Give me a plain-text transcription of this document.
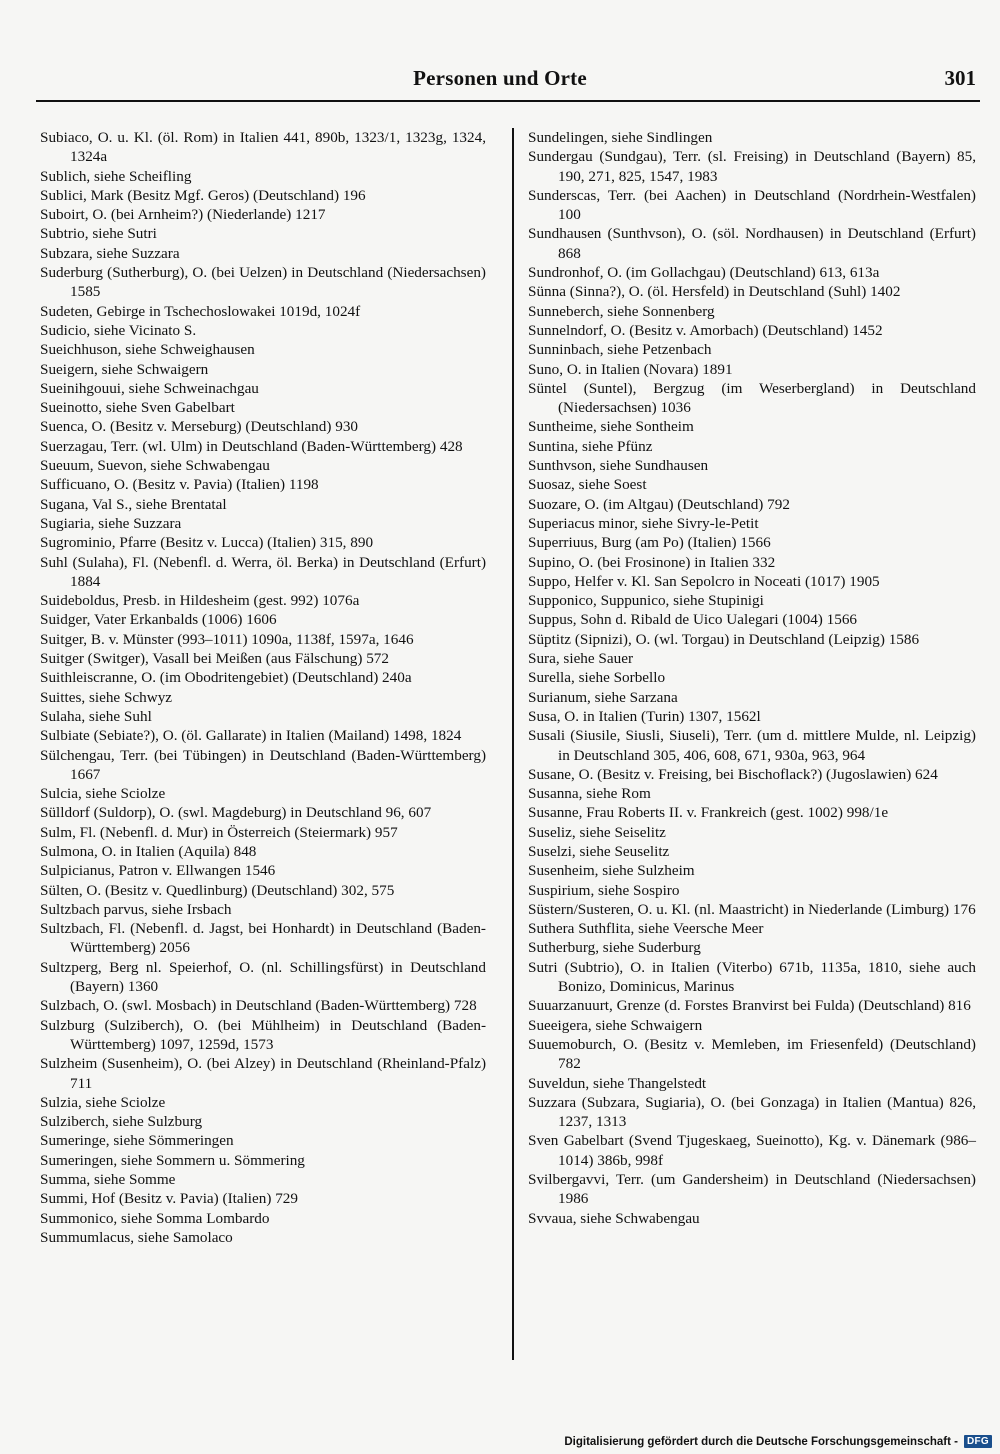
Personen und Orte	301
Subiaco, O. u. Kl. (öl. Rom) in Italien 441, 890b, 1323/1, 1323g, 1324, 1324a
Sublich, siehe Scheifling
Sublici, Mark (Besitz Mgf. Geros) (Deutschland) 196
Suboirt, O. (bei Arnheim?) (Niederlande) 1217
Subtrio, siehe Sutri
Subzara, siehe Suzzara
Suderburg (Sutherburg), O. (bei Uelzen) in Deutschland (Niedersachsen) 1585
Sudeten, Gebirge in Tschechoslowakei 1019d, 1024f
Sudicio, siehe Vicinato S.
Sueichhuson, siehe Schweighausen
Sueigern, siehe Schwaigern
Sueinihgouui, siehe Schweinachgau
Sueinotto, siehe Sven Gabelbart
Suenca, O. (Besitz v. Merseburg) (Deutschland) 930
Suerzagau, Terr. (wl. Ulm) in Deutschland (Baden-Württemberg) 428
Sueuum, Suevon, siehe Schwabengau
Sufficuano, O. (Besitz v. Pavia) (Italien) 1198
Sugana, Val S., siehe Brentatal
Sugiaria, siehe Suzzara
Sugrominio, Pfarre (Besitz v. Lucca) (Italien) 315, 890
Suhl (Sulaha), Fl. (Nebenfl. d. Werra, öl. Berka) in Deutschland (Erfurt) 1884
Suideboldus, Presb. in Hildesheim (gest. 992) 1076a
Suidger, Vater Erkanbalds (1006) 1606
Suitger, B. v. Münster (993–1011) 1090a, 1138f, 1597a, 1646
Suitger (Switger), Vasall bei Meißen (aus Fälschung) 572
Suithleiscranne, O. (im Obodritengebiet) (Deutschland) 240a
Suittes, siehe Schwyz
Sulaha, siehe Suhl
Sulbiate (Sebiate?), O. (öl. Gallarate) in Italien (Mailand) 1498, 1824
Sülchengau, Terr. (bei Tübingen) in Deutschland (Baden-Württemberg) 1667
Sulcia, siehe Sciolze
Sülldorf (Suldorp), O. (swl. Magdeburg) in Deutschland 96, 607
Sulm, Fl. (Nebenfl. d. Mur) in Österreich (Steiermark) 957
Sulmona, O. in Italien (Aquila) 848
Sulpicianus, Patron v. Ellwangen 1546
Sülten, O. (Besitz v. Quedlinburg) (Deutschland) 302, 575
Sultzbach parvus, siehe Irsbach
Sultzbach, Fl. (Nebenfl. d. Jagst, bei Honhardt) in Deutschland (Baden-Württemberg) 2056
Sultzperg, Berg nl. Speierhof, O. (nl. Schillingsfürst) in Deutschland (Bayern) 1360
Sulzbach, O. (swl. Mosbach) in Deutschland (Baden-Württemberg) 728
Sulzburg (Sulziberch), O. (bei Mühlheim) in Deutschland (Baden-Württemberg) 1097, 1259d, 1573
Sulzheim (Susenheim), O. (bei Alzey) in Deutschland (Rheinland-Pfalz) 711
Sulzia, siehe Sciolze
Sulziberch, siehe Sulzburg
Sumeringe, siehe Sömmeringen
Sumeringen, siehe Sommern u. Sömmering
Summa, siehe Somme
Summi, Hof (Besitz v. Pavia) (Italien) 729
Summonico, siehe Somma Lombardo
Summumlacus, siehe Samolaco
Sundelingen, siehe Sindlingen
Sundergau (Sundgau), Terr. (sl. Freising) in Deutschland (Bayern) 85, 190, 271, 825, 1547, 1983
Sunderscas, Terr. (bei Aachen) in Deutschland (Nordrhein-Westfalen) 100
Sundhausen (Sunthvson), O. (söl. Nordhausen) in Deutschland (Erfurt) 868
Sundronhof, O. (im Gollachgau) (Deutschland) 613, 613a
Sünna (Sinna?), O. (öl. Hersfeld) in Deutschland (Suhl) 1402
Sunneberch, siehe Sonnenberg
Sunnelndorf, O. (Besitz v. Amorbach) (Deutschland) 1452
Sunninbach, siehe Petzenbach
Suno, O. in Italien (Novara) 1891
Süntel (Suntel), Bergzug (im Weserbergland) in Deutschland (Niedersachsen) 1036
Suntheime, siehe Sontheim
Suntina, siehe Pfünz
Sunthvson, siehe Sundhausen
Suosaz, siehe Soest
Suozare, O. (im Altgau) (Deutschland) 792
Superiacus minor, siehe Sivry-le-Petit
Superriuus, Burg (am Po) (Italien) 1566
Supino, O. (bei Frosinone) in Italien 332
Suppo, Helfer v. Kl. San Sepolcro in Noceati (1017) 1905
Supponico, Suppunico, siehe Stupinigi
Suppus, Sohn d. Ribald de Uico Ualegari (1004) 1566
Süptitz (Sipnizi), O. (wl. Torgau) in Deutschland (Leipzig) 1586
Sura, siehe Sauer
Surella, siehe Sorbello
Surianum, siehe Sarzana
Susa, O. in Italien (Turin) 1307, 1562l
Susali (Siusile, Siusli, Siuseli), Terr. (um d. mittlere Mulde, nl. Leipzig) in Deutschland 305, 406, 608, 671, 930a, 963, 964
Susane, O. (Besitz v. Freising, bei Bischoflack?) (Jugoslawien) 624
Susanna, siehe Rom
Susanne, Frau Roberts II. v. Frankreich (gest. 1002) 998/1e
Suseliz, siehe Seiselitz
Suselzi, siehe Seuselitz
Susenheim, siehe Sulzheim
Suspirium, siehe Sospiro
Süstern/Susteren, O. u. Kl. (nl. Maastricht) in Niederlande (Limburg) 176
Suthera Suthflita, siehe Veersche Meer
Sutherburg, siehe Suderburg
Sutri (Subtrio), O. in Italien (Viterbo) 671b, 1135a, 1810, siehe auch Bonizo, Dominicus, Marinus
Suuarzanuurt, Grenze (d. Forstes Branvirst bei Fulda) (Deutschland) 816
Sueeigera, siehe Schwaigern
Suuemoburch, O. (Besitz v. Memleben, im Friesenfeld) (Deutschland) 782
Suveldun, siehe Thangelstedt
Suzzara (Subzara, Sugiaria), O. (bei Gonzaga) in Italien (Mantua) 826, 1237, 1313
Sven Gabelbart (Svend Tjugeskaeg, Sueinotto), Kg. v. Dänemark (986–1014) 386b, 998f
Svilbergavvi, Terr. (um Gandersheim) in Deutschland (Niedersachsen) 1986
Svvaua, siehe Schwabengau
Digitalisierung gefördert durch die Deutsche Forschungsgemeinschaft - DFG
